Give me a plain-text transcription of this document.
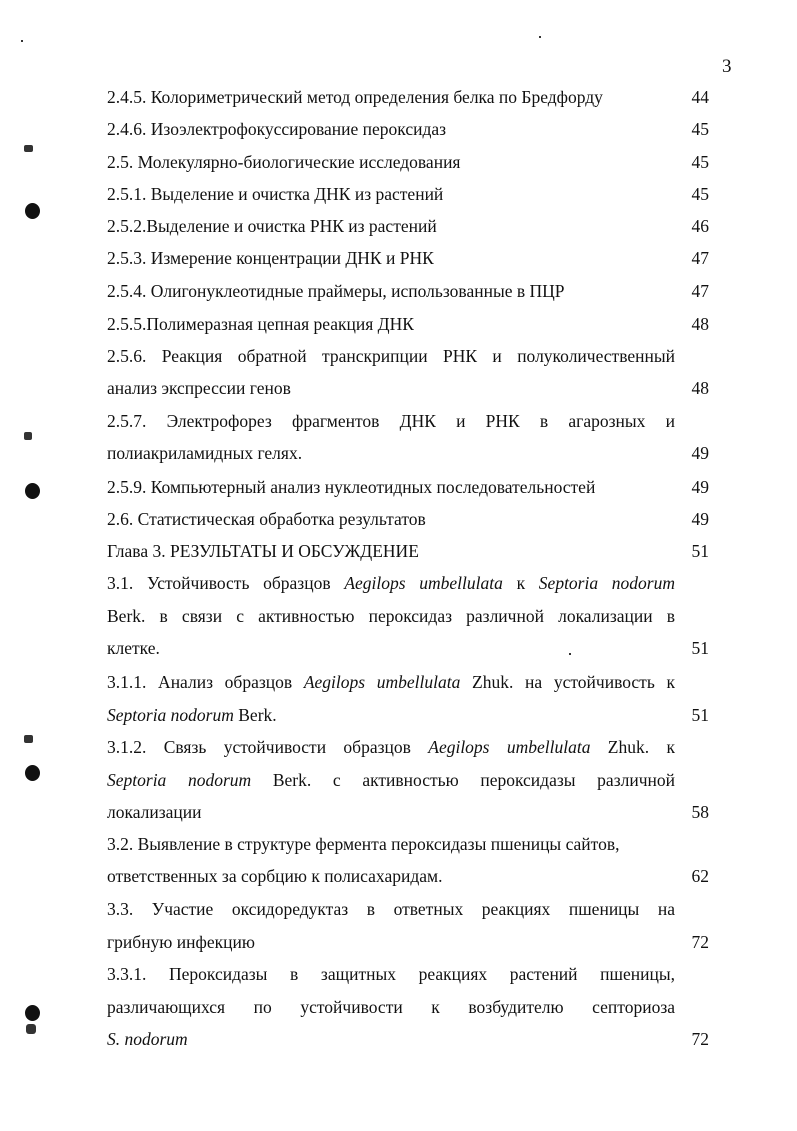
3
2.4.5. Колориметрический метод определения белка по Бредфорду	44
2.4.6. Изоэлектрофокуссирование пероксидаз	45
2.5. Молекулярно-биологические исследования	45
2.5.1. Выделение и очистка ДНК из растений	45
2.5.2.Выделение и очистка РНК из растений	46
2.5.3. Измерение концентрации ДНК и РНК	47
2.5.4. Олигонуклеотидные праймеры, использованные в ПЦР	47
2.5.5.Полимеразная цепная реакция ДНК	48
2.5.6. Реакция обратной транскрипции РНК и полуколичественный
анализ экспрессии генов	48
2.5.7. Электрофорез фрагментов ДНК и РНК в агарозных и
полиакриламидных гелях.	49
2.5.9. Компьютерный анализ нуклеотидных последовательностей	49
2.6. Статистическая обработка результатов	49
Глава 3. РЕЗУЛЬТАТЫ И ОБСУЖДЕНИЕ	51
3.1. Устойчивость образцов Aegilops umbellulata к Septoria nodorum
Berk. в связи с активностью пероксидаз различной локализации в
клетке.	51
3.1.1. Анализ образцов Aegilops umbellulata Zhuk. на устойчивость к
Septoria nodorum Berk.	51
3.1.2. Связь устойчивости образцов Aegilops umbellulata Zhuk. к
Septoria nodorum Berk. с активностью пероксидазы различной
локализации	58
3.2. Выявление в структуре фермента пероксидазы пшеницы сайтов,
ответственных за сорбцию к полисахаридам.	62
3.3. Участие оксидоредуктаз в ответных реакциях пшеницы на
грибную инфекцию	72
3.3.1. Пероксидазы в защитных реакциях растений пшеницы,
различающихся по устойчивости к возбудителю септориоза
S. nodorum	72
